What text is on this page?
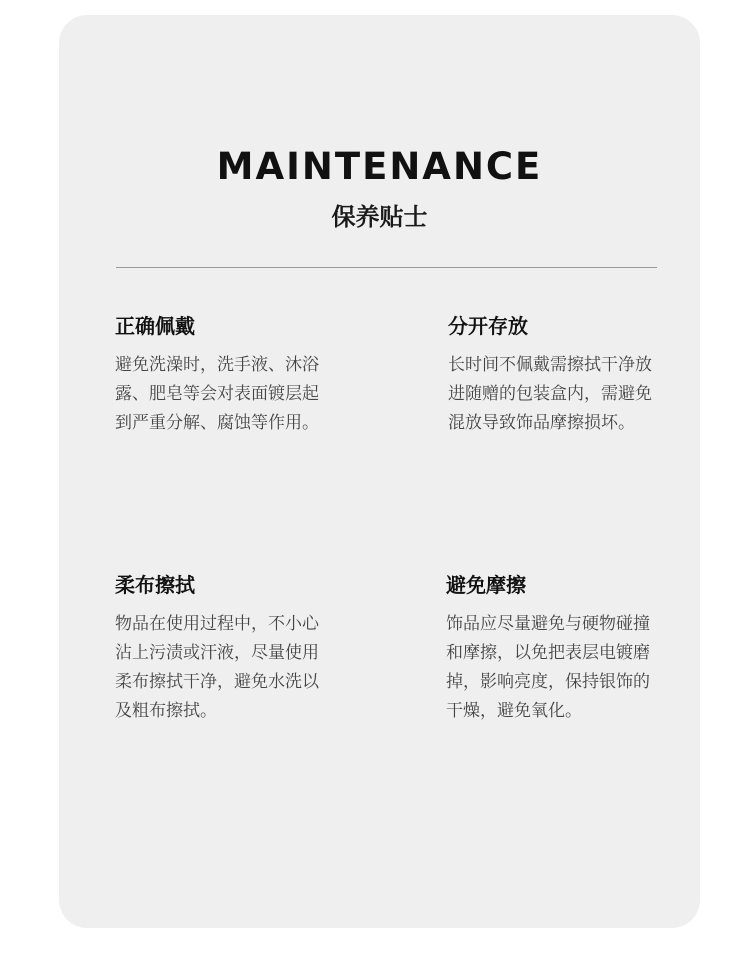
MAINTENANCE
保养贴士
正确佩戴

避免洗澡时，洗手液、沐浴露、肥皂等会对表面镀层起到严重分解、腐蚀等作用。

分开存放

长时间不佩戴需擦拭干净放进随赠的包装盒内，需避免混放导致饰品摩擦损坏。

柔布擦拭

物品在使用过程中，不小心沾上污渍或汗液，尽量使用柔布擦拭干净，避免水洗以及粗布擦拭。

避免摩擦

饰品应尽量避免与硬物碰撞和摩擦，以免把表层电镀磨掉，影响亮度，保持银饰的干燥，避免氧化。
